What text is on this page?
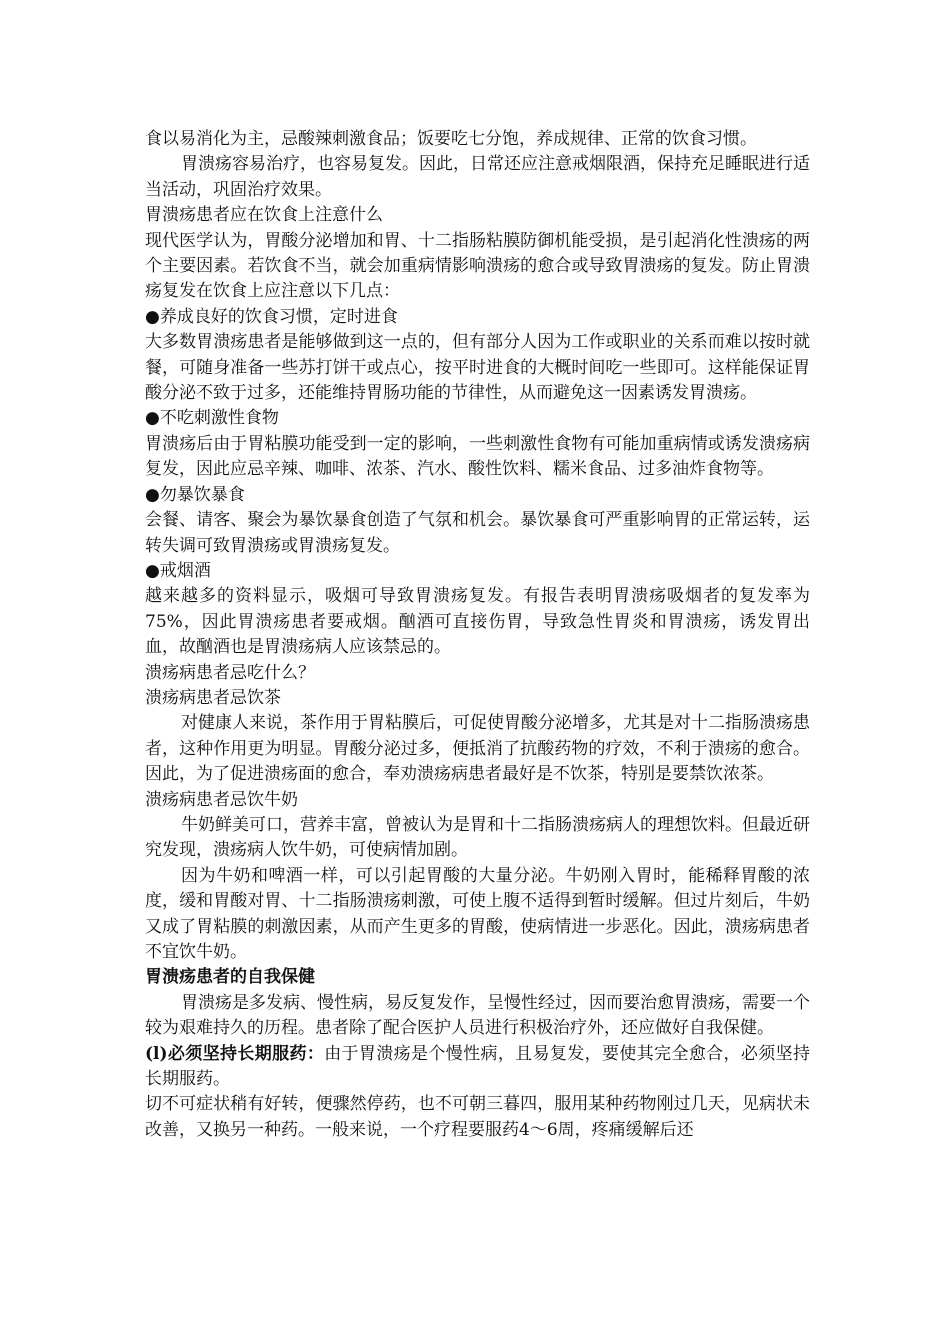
食以易消化为主，忌酸辣刺激食品；饭要吃七分饱，养成规律、正常的饮食习惯。

胃溃疡容易治疗，也容易复发。因此，日常还应注意戒烟限酒，保持充足睡眠进行适当活动，巩固治疗效果。

胃溃疡患者应在饮食上注意什么

现代医学认为，胃酸分泌增加和胃、十二指肠粘膜防御机能受损，是引起消化性溃疡的两个主要因素。若饮食不当，就会加重病情影响溃疡的愈合或导致胃溃疡的复发。防止胃溃疡复发在饮食上应注意以下几点：

●养成良好的饮食习惯，定时进食

大多数胃溃疡患者是能够做到这一点的，但有部分人因为工作或职业的关系而难以按时就餐，可随身准备一些苏打饼干或点心，按平时进食的大概时间吃一些即可。这样能保证胃酸分泌不致于过多，还能维持胃肠功能的节律性，从而避免这一因素诱发胃溃疡。

●不吃刺激性食物

胃溃疡后由于胃粘膜功能受到一定的影响，一些刺激性食物有可能加重病情或诱发溃疡病复发，因此应忌辛辣、咖啡、浓茶、汽水、酸性饮料、糯米食品、过多油炸食物等。

●勿暴饮暴食

会餐、请客、聚会为暴饮暴食创造了气氛和机会。暴饮暴食可严重影响胃的正常运转，运转失调可致胃溃疡或胃溃疡复发。

●戒烟酒

越来越多的资料显示，吸烟可导致胃溃疡复发。有报告表明胃溃疡吸烟者的复发率为75%，因此胃溃疡患者要戒烟。酗酒可直接伤胃，导致急性胃炎和胃溃疡，诱发胃出血，故酗酒也是胃溃疡病人应该禁忌的。

溃疡病患者忌吃什么？

溃疡病患者忌饮茶

对健康人来说，茶作用于胃粘膜后，可促使胃酸分泌增多，尤其是对十二指肠溃疡患者，这种作用更为明显。胃酸分泌过多，便抵消了抗酸药物的疗效，不利于溃疡的愈合。因此，为了促进溃疡面的愈合，奉劝溃疡病患者最好是不饮茶，特别是要禁饮浓茶。

溃疡病患者忌饮牛奶

牛奶鲜美可口，营养丰富，曾被认为是胃和十二指肠溃疡病人的理想饮料。但最近研究发现，溃疡病人饮牛奶，可使病情加剧。

因为牛奶和啤酒一样，可以引起胃酸的大量分泌。牛奶刚入胃时，能稀释胃酸的浓度，缓和胃酸对胃、十二指肠溃疡刺激，可使上腹不适得到暂时缓解。但过片刻后，牛奶又成了胃粘膜的刺激因素，从而产生更多的胃酸，使病情进一步恶化。因此，溃疡病患者不宜饮牛奶。

胃溃疡患者的自我保健

胃溃疡是多发病、慢性病，易反复发作，呈慢性经过，因而要治愈胃溃疡，需要一个较为艰难持久的历程。患者除了配合医护人员进行积极治疗外，还应做好自我保健。

(l)必须坚持长期服药：由于胃溃疡是个慢性病，且易复发，要使其完全愈合，必须坚持长期服药。

切不可症状稍有好转，便骤然停药，也不可朝三暮四，服用某种药物刚过几天，见病状未改善，又换另一种药。一般来说，一个疗程要服药4～6周，疼痛缓解后还
